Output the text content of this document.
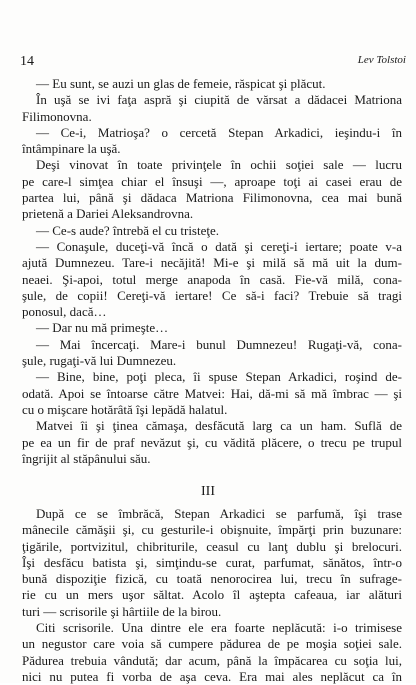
14	Lev Tolstoi
— Eu sunt, se auzi un glas de femeie, răspicat şi plăcut.
În uşă se ivi faţa aspră şi ciupită de vărsat a dădacei Matriona
Filimonovna.
— Ce-i, Matrioşa? o cercetă Stepan Arkadici, ieşindu-i în
întâmpinare la uşă.
Deşi vinovat în toate privinţele în ochii soţiei sale — lucru
pe care-l simţea chiar el însuşi —, aproape toţi ai casei erau de
partea lui, până şi dădaca Matriona Filimonovna, cea mai bună
prietenă a Dariei Aleksandrovna.
— Ce-s aude? întrebă el cu tristeţe.
— Conaşule, duceţi-vă încă o dată şi cereţi-i iertare; poate v-a
ajută Dumnezeu. Tare-i necăjită! Mi-e şi milă să mă uit la dum-
neaei. Şi-apoi, totul merge anapoda în casă. Fie-vă milă, cona-
şule, de copii! Cereţi-vă iertare! Ce să-i faci? Trebuie să tragi
ponosul, dacă…
— Dar nu mă primeşte…
— Mai încercaţi. Mare-i bunul Dumnezeu! Rugaţi-vă, cona-
şule, rugaţi-vă lui Dumnezeu.
— Bine, bine, poţi pleca, îi spuse Stepan Arkadici, roşind de-
odată. Apoi se întoarse către Matvei: Hai, dă-mi să mă îmbrac — şi
cu o mişcare hotărâtă îşi lepădă halatul.
Matvei îi şi ţinea cămaşa, desfăcută larg ca un ham. Suflă de
pe ea un fir de praf nevăzut şi, cu vădită plăcere, o trecu pe trupul
îngrijit al stăpânului său.
III
După ce se îmbrăcă, Stepan Arkadici se parfumă, îşi trase
mânecile cămăşii şi, cu gesturile-i obişnuite, împărţi prin buzunare:
ţigările, portvizitul, chibriturile, ceasul cu lanţ dublu şi brelocuri.
Îşi desfăcu batista şi, simţindu-se curat, parfumat, sănătos, într-o
bună dispoziţie fizică, cu toată nenorocirea lui, trecu în sufrage-
rie cu un mers uşor săltat. Acolo îl aştepta cafeaua, iar alături
turi — scrisorile şi hârtiile de la birou.
Citi scrisorile. Una dintre ele era foarte neplăcută: i-o trimisese
un negustor care voia să cumpere pădurea de pe moşia soţiei sale.
Pădurea trebuia vândută; dar acum, până la împăcarea cu soţia lui,
nici nu putea fi vorba de aşa ceva. Era mai ales neplăcut ca în
